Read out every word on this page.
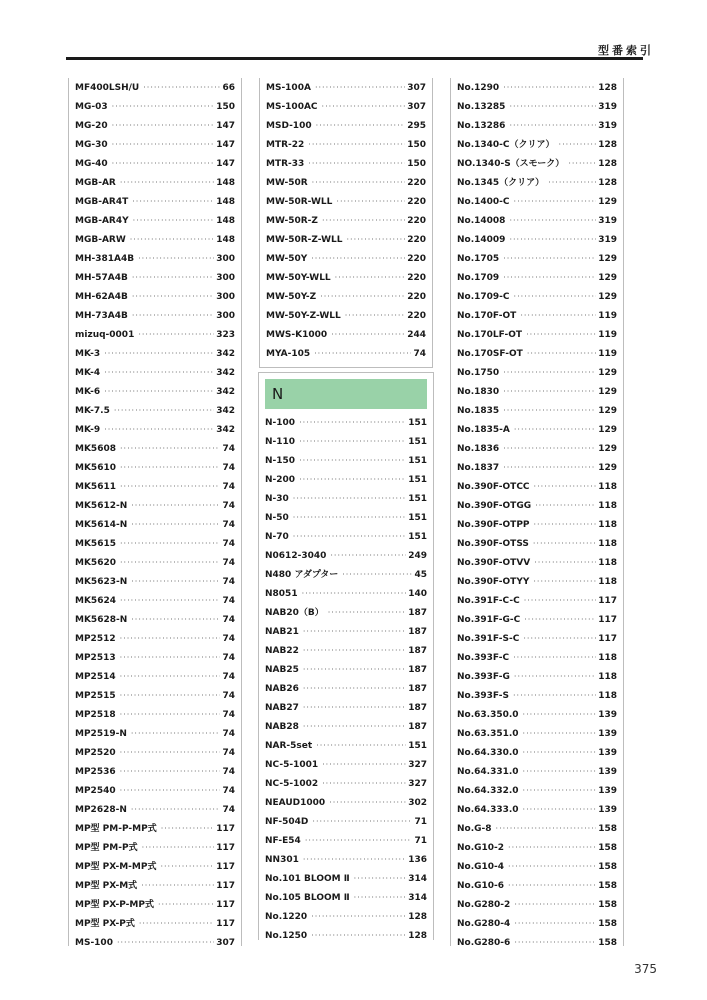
型番索引
MF400LSH/U ·····	66
MG-03 ·····	150
MG-20 ·····	147
MG-30 ·····	147
MG-40 ·····	147
MGB-AR ·····	148
MGB-AR4T ·····	148
MGB-AR4Y ·····	148
MGB-ARW ·····	148
MH-381A4B ·····	300
MH-57A4B ·····	300
MH-62A4B ·····	300
MH-73A4B ·····	300
mizuq-0001 ·····	323
MK-3 ·····	342
MK-4 ·····	342
MK-6 ·····	342
MK-7.5 ·····	342
MK-9 ·····	342
MK5608 ·····	74
MK5610 ·····	74
MK5611 ·····	74
MK5612-N ·····	74
MK5614-N ·····	74
MK5615 ·····	74
MK5620 ·····	74
MK5623-N ·····	74
MK5624 ·····	74
MK5628-N ·····	74
MP2512 ·····	74
MP2513 ·····	74
MP2514 ·····	74
MP2515 ·····	74
MP2518 ·····	74
MP2519-N ·····	74
MP2520 ·····	74
MP2536 ·····	74
MP2540 ·····	74
MP2628-N ·····	74
MP型 PM-P-MP式 ·····	117
MP型 PM-P式 ·····	117
MP型 PX-M-MP式 ·····	117
MP型 PX-M式 ·····	117
MP型 PX-P-MP式 ·····	117
MP型 PX-P式 ·····	117
MS-100 ·····	307
MS-100A ·····	307
MS-100AC ·····	307
MSD-100 ·····	295
MTR-22 ·····	150
MTR-33 ·····	150
MW-50R ·····	220
MW-50R-WLL ·····	220
MW-50R-Z ·····	220
MW-50R-Z-WLL ·····	220
MW-50Y ·····	220
MW-50Y-WLL ·····	220
MW-50Y-Z ·····	220
MW-50Y-Z-WLL ·····	220
MWS-K1000 ·····	244
MYA-105 ·····	74
N
N-100 ·····	151
N-110 ·····	151
N-150 ·····	151
N-200 ·····	151
N-30 ·····	151
N-50 ·····	151
N-70 ·····	151
N0612-3040 ·····	249
N480 アダプター ·····	45
N8051 ·····	140
NAB20（B） ·····	187
NAB21 ·····	187
NAB22 ·····	187
NAB25 ·····	187
NAB26 ·····	187
NAB27 ·····	187
NAB28 ·····	187
NAR-5set ·····	151
NC-5-1001 ·····	327
NC-5-1002 ·····	327
NEAUD1000 ·····	302
NF-504D ·····	71
NF-E54 ·····	71
NN301 ·····	136
No.101 BLOOM Ⅱ ·····	314
No.105 BLOOM Ⅱ ·····	314
No.1220 ·····	128
No.1250 ·····	128
No.1290 ·····	128
No.13285 ·····	319
No.13286 ·····	319
No.1340-C（クリア） ·····	128
NO.1340-S（スモーク） ·····	128
No.1345（クリア） ·····	128
No.1400-C ·····	129
No.14008 ·····	319
No.14009 ·····	319
No.1705 ·····	129
No.1709 ·····	129
No.1709-C ·····	129
No.170F-OT ·····	119
No.170LF-OT ·····	119
No.170SF-OT ·····	119
No.1750 ·····	129
No.1830 ·····	129
No.1835 ·····	129
No.1835-A ·····	129
No.1836 ·····	129
No.1837 ·····	129
No.390F-OTCC ·····	118
No.390F-OTGG ·····	118
No.390F-OTPP ·····	118
No.390F-OTSS ·····	118
No.390F-OTVV ·····	118
No.390F-OTYY ·····	118
No.391F-C-C ·····	117
No.391F-G-C ·····	117
No.391F-S-C ·····	117
No.393F-C ·····	118
No.393F-G ·····	118
No.393F-S ·····	118
No.63.350.0 ·····	139
No.63.351.0 ·····	139
No.64.330.0 ·····	139
No.64.331.0 ·····	139
No.64.332.0 ·····	139
No.64.333.0 ·····	139
No.G-8 ·····	158
No.G10-2 ·····	158
No.G10-4 ·····	158
No.G10-6 ·····	158
No.G280-2 ·····	158
No.G280-4 ·····	158
No.G280-6 ·····	158
375
